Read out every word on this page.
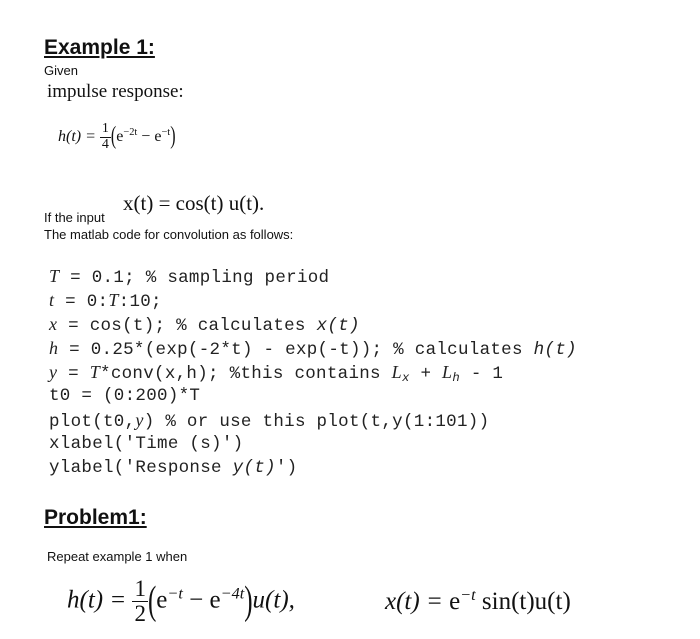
Example 1:
Given
impulse response:
$h(t) = \frac{1}{4} (e^{-2t} - e^{-t})$
x(t) = cos(t) u(t).
If the input
The matlab code for convolution as follows:
T = 0.1; % sampling period
t = 0:T:10;
x = cos(t); % calculates x(t)
h = 0.25*(exp(-2*t) - exp(-t)); % calculates h(t)
y = T*conv(x,h); %this contains $L_x + L_h - 1$
t0 = (0:200)*T
plot(t0,y) % or use this plot(t,y(1:101))
xlabel('Time (s)')
ylabel('Response y(t)')
Problem1:
Repeat example 1 when
$h(t) = \frac{1}{2} (e^{-t} - e^{-4t})u(t)$,	$x(t) = e^{-t}$ sin(t)u(t)
